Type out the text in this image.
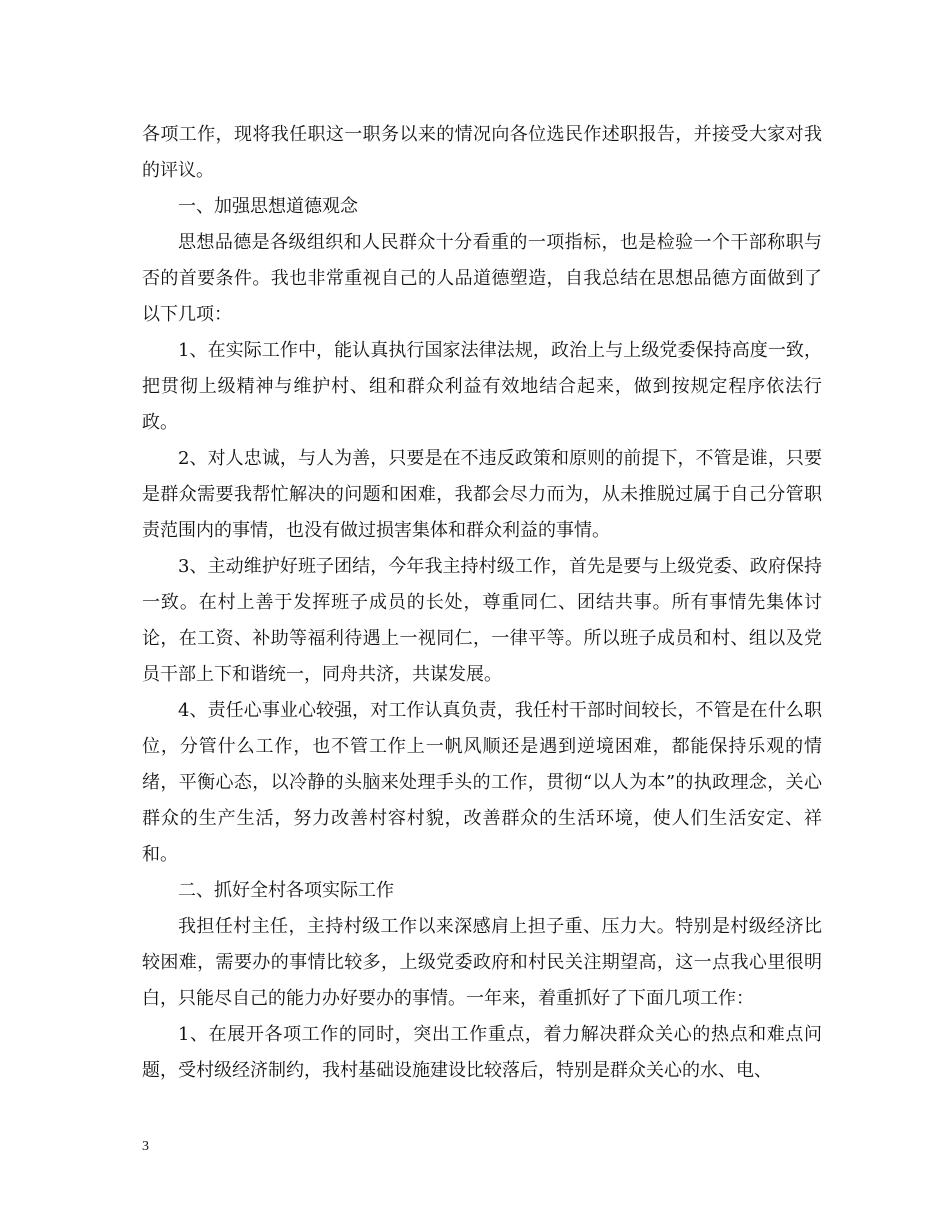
各项工作，现将我任职这一职务以来的情况向各位选民作述职报告，并接受大家对我的评议。

一、加强思想道德观念

思想品德是各级组织和人民群众十分看重的一项指标，也是检验一个干部称职与否的首要条件。我也非常重视自己的人品道德塑造，自我总结在思想品德方面做到了以下几项：

1、在实际工作中，能认真执行国家法律法规，政治上与上级党委保持高度一致，把贯彻上级精神与维护村、组和群众利益有效地结合起来，做到按规定程序依法行政。

2、对人忠诚，与人为善，只要是在不违反政策和原则的前提下，不管是谁，只要是群众需要我帮忙解决的问题和困难，我都会尽力而为，从未推脱过属于自己分管职责范围内的事情，也没有做过损害集体和群众利益的事情。

3、主动维护好班子团结，今年我主持村级工作，首先是要与上级党委、政府保持一致。在村上善于发挥班子成员的长处，尊重同仁、团结共事。所有事情先集体讨论，在工资、补助等福利待遇上一视同仁，一律平等。所以班子成员和村、组以及党员干部上下和谐统一，同舟共济，共谋发展。

4、责任心事业心较强，对工作认真负责，我任村干部时间较长，不管是在什么职位，分管什么工作，也不管工作上一帆风顺还是遇到逆境困难，都能保持乐观的情绪，平衡心态，以冷静的头脑来处理手头的工作，贯彻“以人为本”的执政理念，关心群众的生产生活，努力改善村容村貌，改善群众的生活环境，使人们生活安定、祥和。

二、抓好全村各项实际工作

我担任村主任，主持村级工作以来深感肩上担子重、压力大。特别是村级经济比较困难，需要办的事情比较多，上级党委政府和村民关注期望高，这一点我心里很明白，只能尽自己的能力办好要办的事情。一年来，着重抓好了下面几项工作：

1、在展开各项工作的同时，突出工作重点，着力解决群众关心的热点和难点问题，受村级经济制约，我村基础设施建设比较落后，特别是群众关心的水、电、

3
